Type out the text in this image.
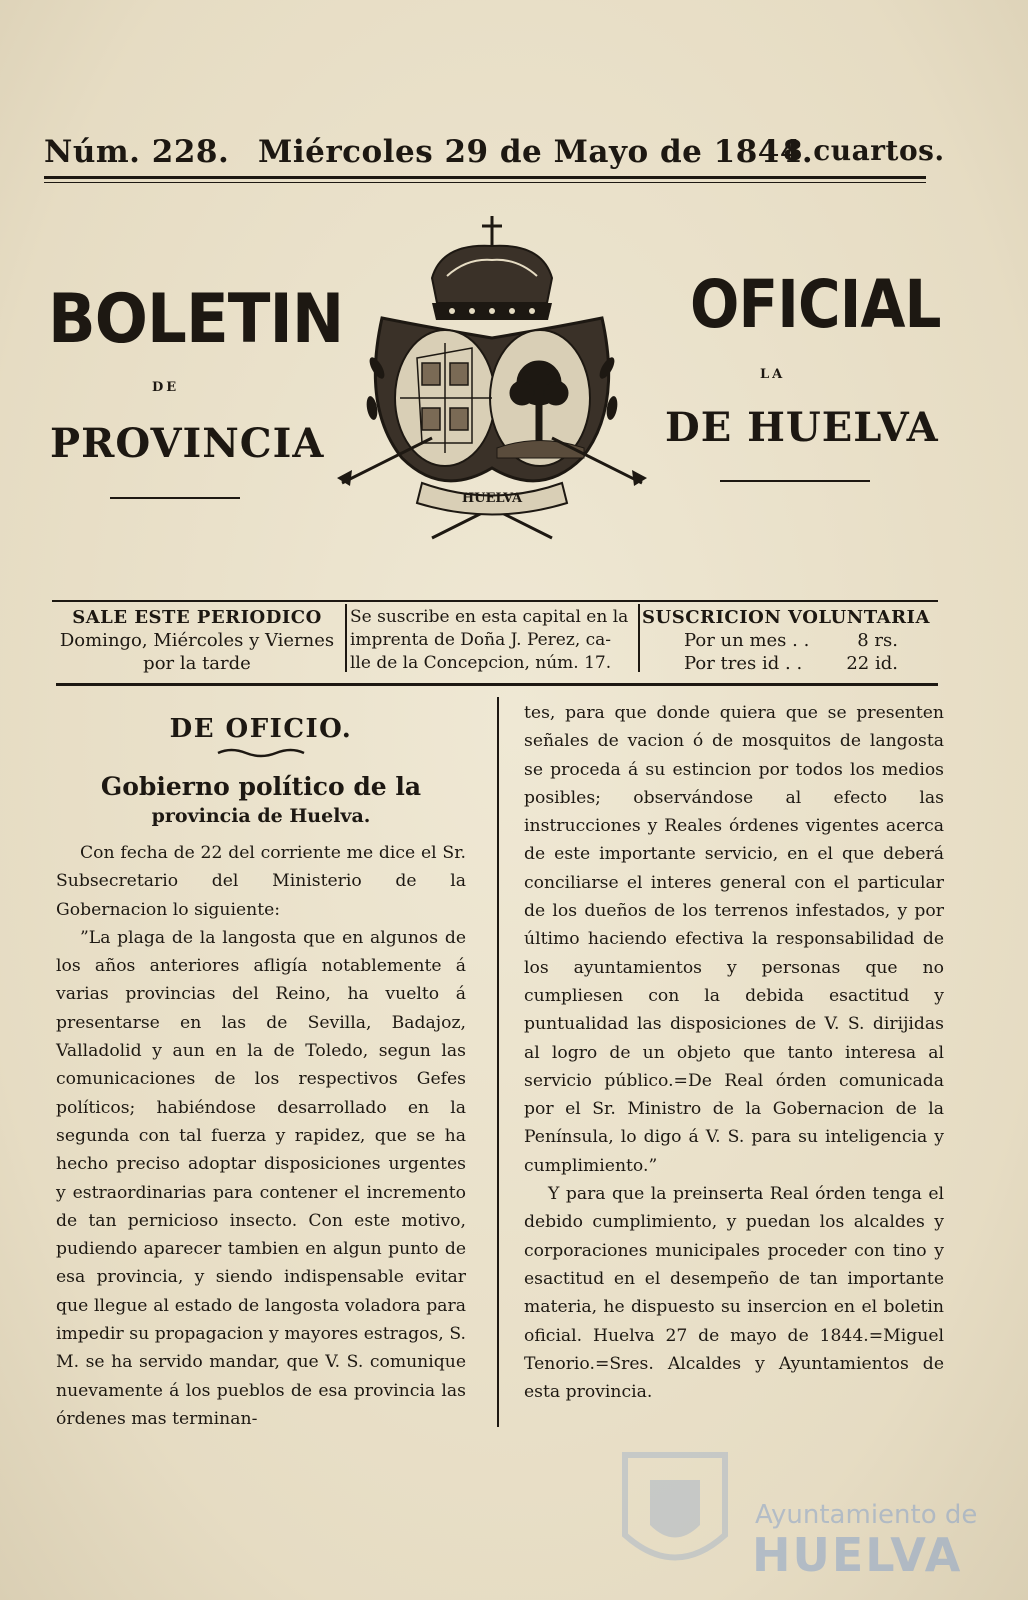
Núm. 228. Miércoles 29 de Mayo de 1844.
8 cuartos.
BOLETIN	OFICIAL
DE
LA
PROVINCIA	DE HUELVA
HUELVA
SALE ESTE PERIODICO
Domingo, Miércoles y Viernes
por la tarde
Se suscribe en esta capital en la
imprenta de Doña J. Perez, ca-
lle de la Concepcion, núm. 17.
SUSCRICION VOLUNTARIA
Por un mes . .	8 rs.
Por tres id . . 22 id.
DE OFICIO.
Gobierno político de la
provincia de Huelva.
Con fecha de 22 del corriente me dice el Sr. Subsecretario del Ministerio de la Gobernacion lo siguiente:
”La plaga de la langosta que en algunos de los años anteriores afligía notablemente á varias provincias del Reino, ha vuelto á presentarse en las de Sevilla, Badajoz, Valladolid y aun en la de Toledo, segun las comunicaciones de los respectivos Gefes políticos; habiéndose desarrollado en la segunda con tal fuerza y rapidez, que se ha hecho preciso adoptar disposiciones urgentes y estraordinarias para contener el incremento de tan pernicioso insecto. Con este motivo, pudiendo aparecer tambien en algun punto de esa provincia, y siendo indispensable evitar que llegue al estado de langosta voladora para impedir su propagacion y mayores estragos, S. M. se ha servido mandar, que V. S. comunique nuevamente á los pueblos de esa provincia las órdenes mas terminan-
tes, para que donde quiera que se presenten señales de vacion ó de mosquitos de langosta se proceda á su estincion por todos los medios posibles; observándose al efecto las instrucciones y Reales órdenes vigentes acerca de este importante servicio, en el que deberá conciliarse el interes general con el particular de los dueños de los terrenos infestados, y por último haciendo efectiva la responsabilidad de los ayuntamientos y personas que no cumpliesen con la debida esactitud y puntualidad las disposiciones de V. S. dirijidas al logro de un objeto que tanto interesa al servicio público.=De Real órden comunicada por el Sr. Ministro de la Gobernacion de la Península, lo digo á V. S. para su inteligencia y cumplimiento.”
Y para que la preinserta Real órden tenga el debido cumplimiento, y puedan los alcaldes y corporaciones municipales proceder con tino y esactitud en el desempeño de tan importante materia, he dispuesto su insercion en el boletin oficial. Huelva 27 de mayo de 1844.=Miguel Tenorio.=Sres. Alcaldes y Ayuntamientos de esta provincia.
Ayuntamiento de
HUELVA
